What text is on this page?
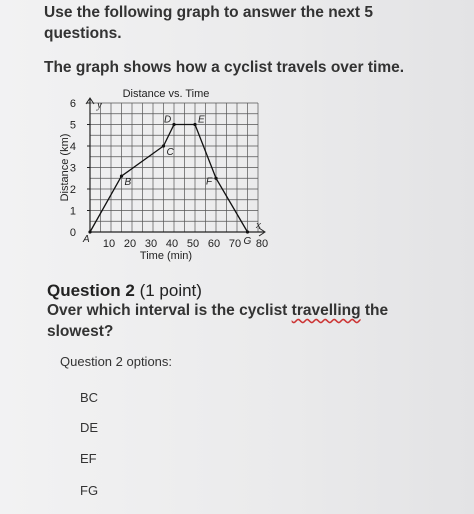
Use the following graph to answer the next 5 questions.

The graph shows how a cyclist travels over time.

y
x
Distance vs. Time
0
1
2
3
4
5
6
10 20 30 40 50 60 70 80
Time (min)
Distance (km)
A
B
C
D	E
F
G
Question 2 (1 point)
Over which interval is the cyclist travelling the slowest?
Question 2 options:
BC
DE
EF
FG
